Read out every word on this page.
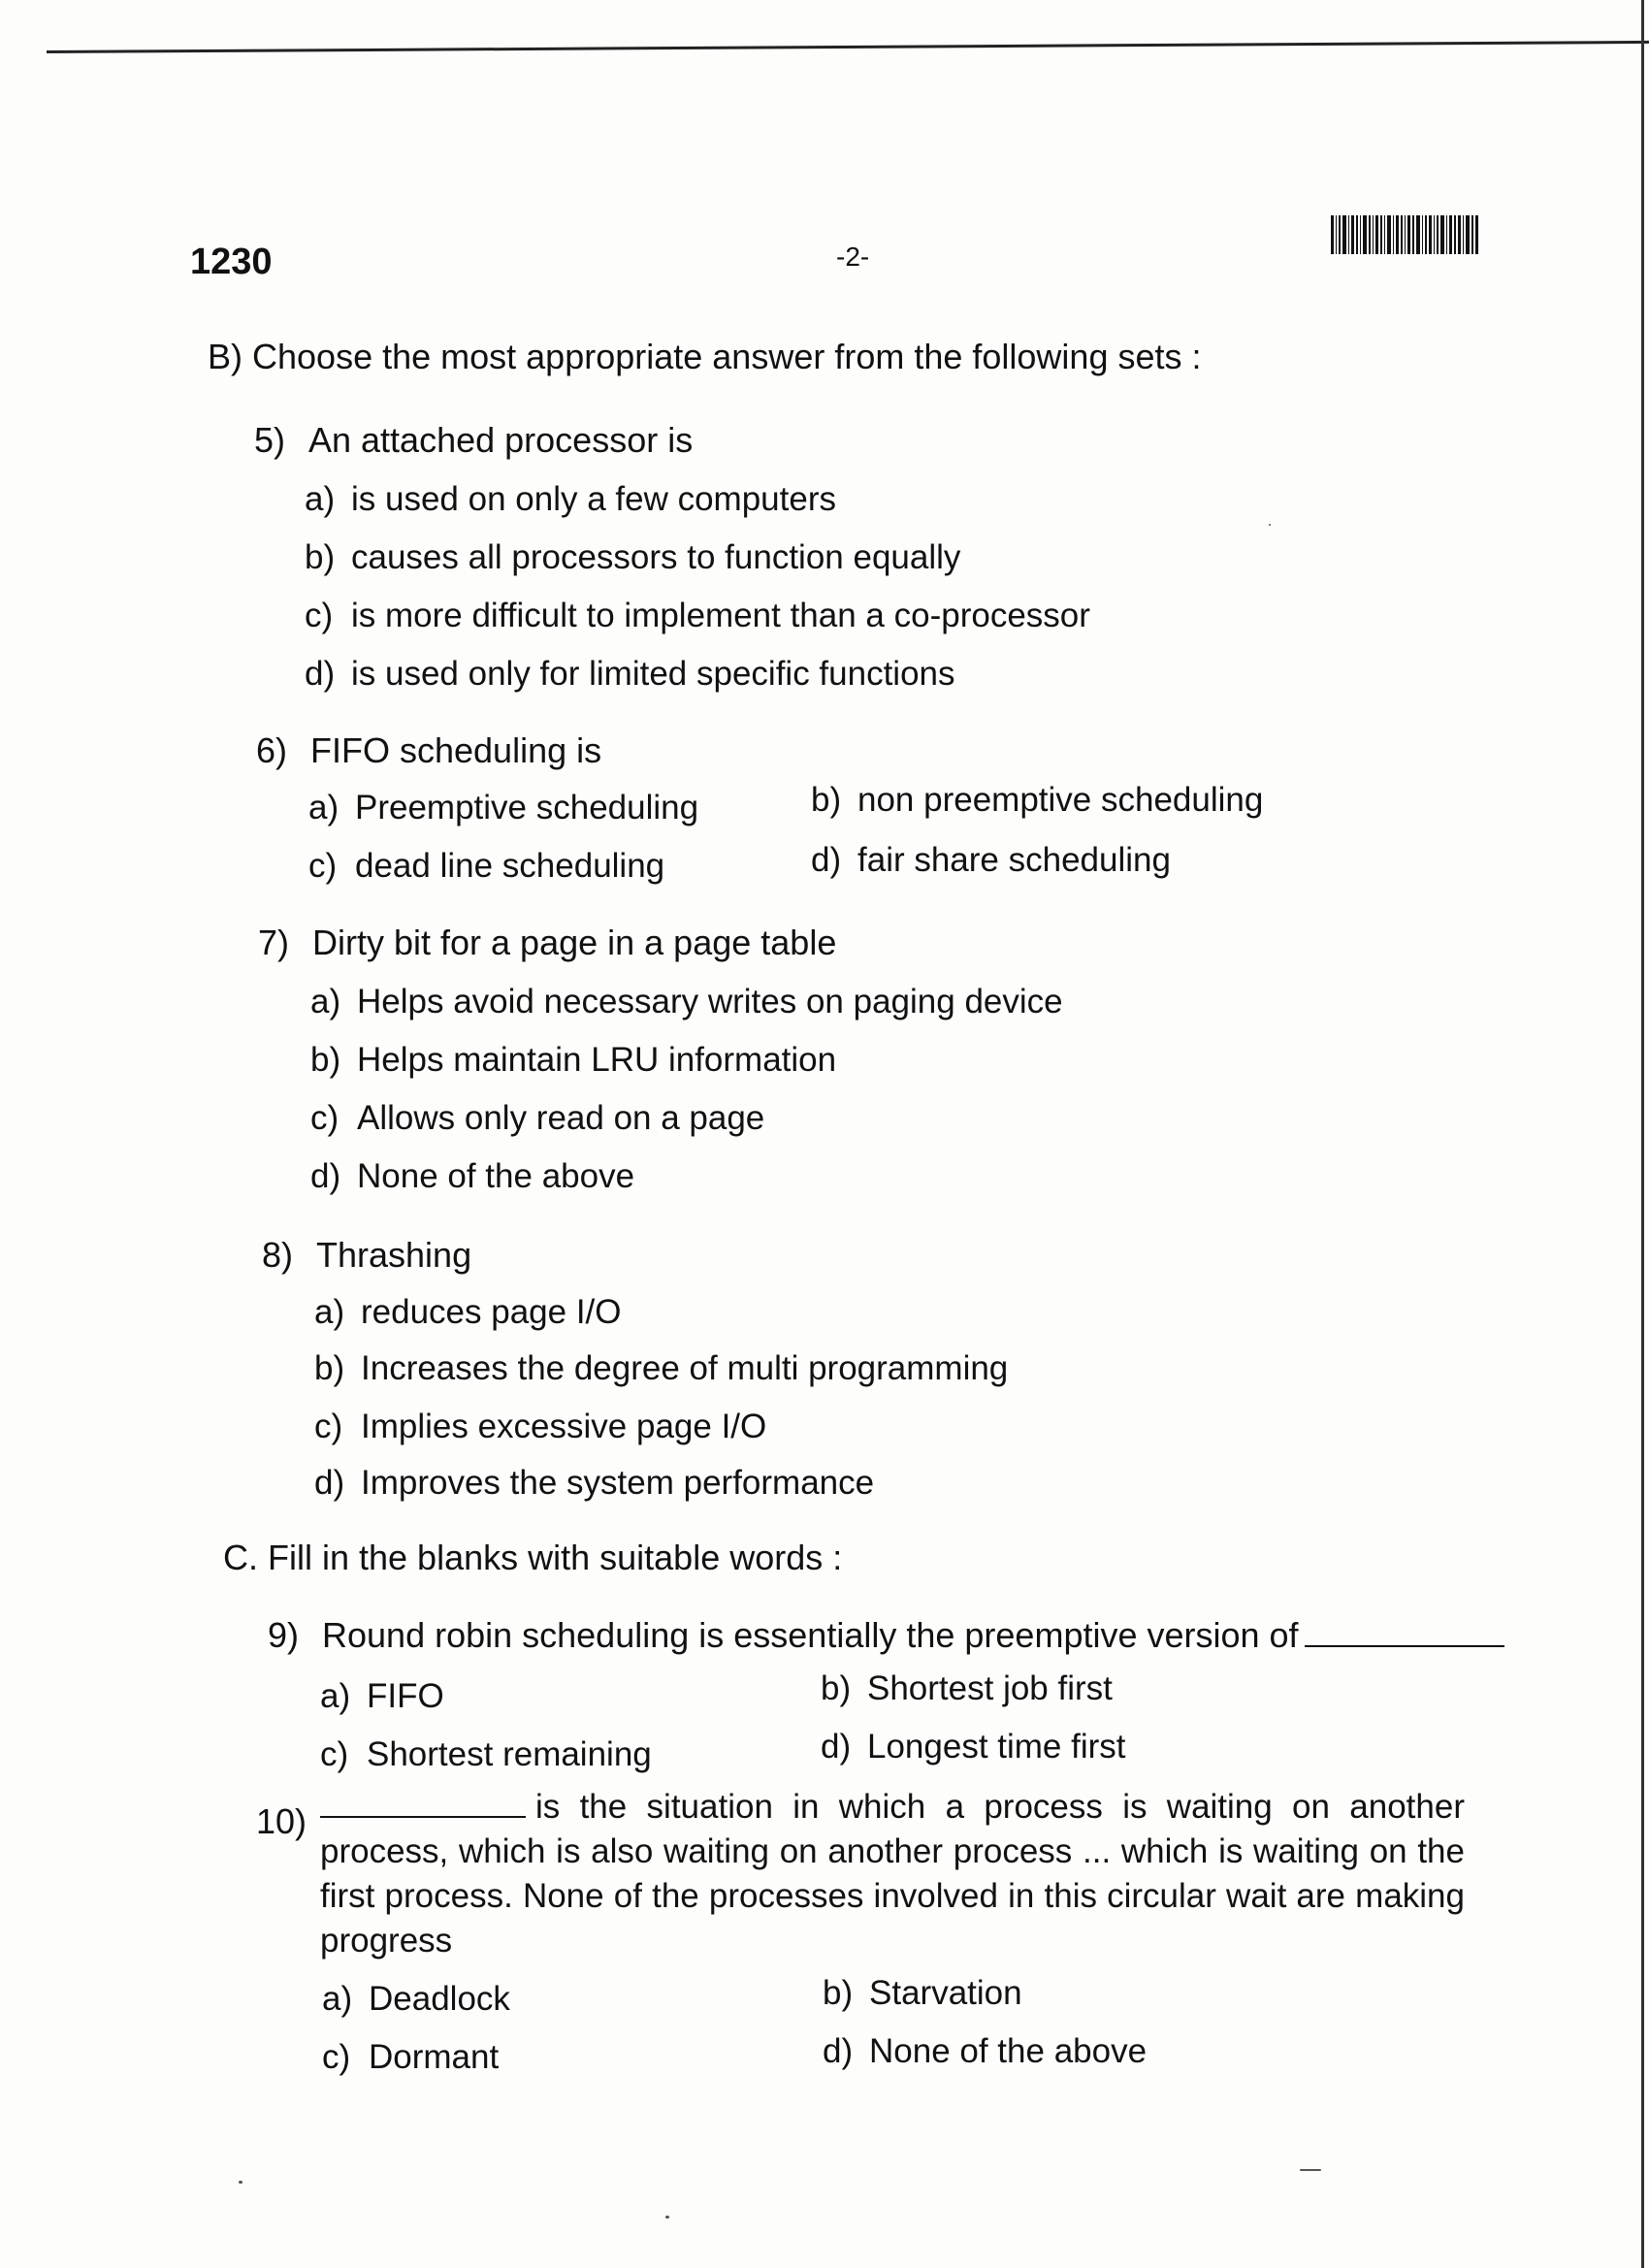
1230	-2-
B) Choose the most appropriate answer from the following sets :
5) An attached processor is
a) is used on only a few computers
b) causes all processors to function equally
c) is more difficult to implement than a co-processor
d) is used only for limited specific functions
6) FIFO scheduling is
a) Preemptive scheduling	b) non preemptive scheduling
c) dead line scheduling	d) fair share scheduling
7) Dirty bit for a page in a page table
a) Helps avoid necessary writes on paging device
b) Helps maintain LRU information
c) Allows only read on a page
d) None of the above
8) Thrashing
a) reduces page I/O
b) Increases the degree of multi programming
c) Implies excessive page I/O
d) Improves the system performance
C. Fill in the blanks with suitable words :
9) Round robin scheduling is essentially the preemptive version of
a) FIFO	b) Shortest job first
c) Shortest remaining	d) Longest time first
10)	is the situation in which a process is waiting on another process, which is also waiting on another process ... which is waiting on the first process. None of the processes involved in this circular wait are making progress
a) Deadlock	b) Starvation
c) Dormant	d) None of the above
